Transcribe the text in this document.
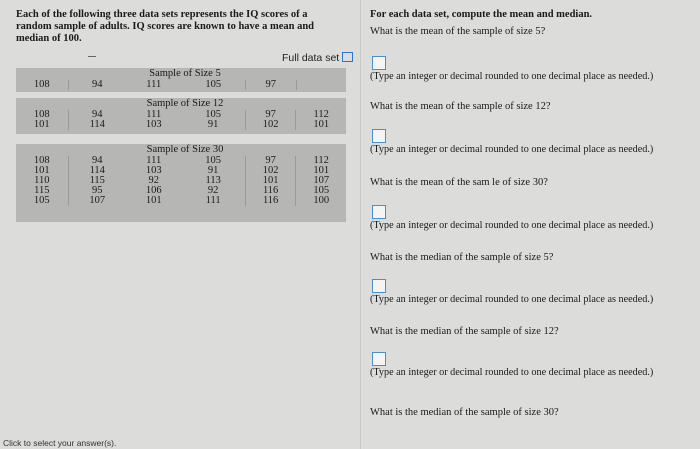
Each of the following three data sets represents the IQ scores of a random sample of adults. IQ scores are known to have a mean and median of 100.
Full data set
Sample of Size 5
108	94	111	105	97	
Sample of Size 12
108	94	111	105	97	112
101	114	103	91	102	101
Sample of Size 30
108	94	111	105	97	112
101	114	103	91	102	101
110	115	92	113	101	107
115	95	106	92	116	105
105	107	101	111	116	100
For each data set, compute the mean and median.
What is the mean of the sample of size 5?
(Type an integer or decimal rounded to one decimal place as needed.)
What is the mean of the sample of size 12?
(Type an integer or decimal rounded to one decimal place as needed.)
What is the mean of the sam le of size 30?
(Type an integer or decimal rounded to one decimal place as needed.)
What is the median of the sample of size 5?
(Type an integer or decimal rounded to one decimal place as needed.)
What is the median of the sample of size 12?
(Type an integer or decimal rounded to one decimal place as needed.)
What is the median of the sample of size 30?
Click to select your answer(s).
